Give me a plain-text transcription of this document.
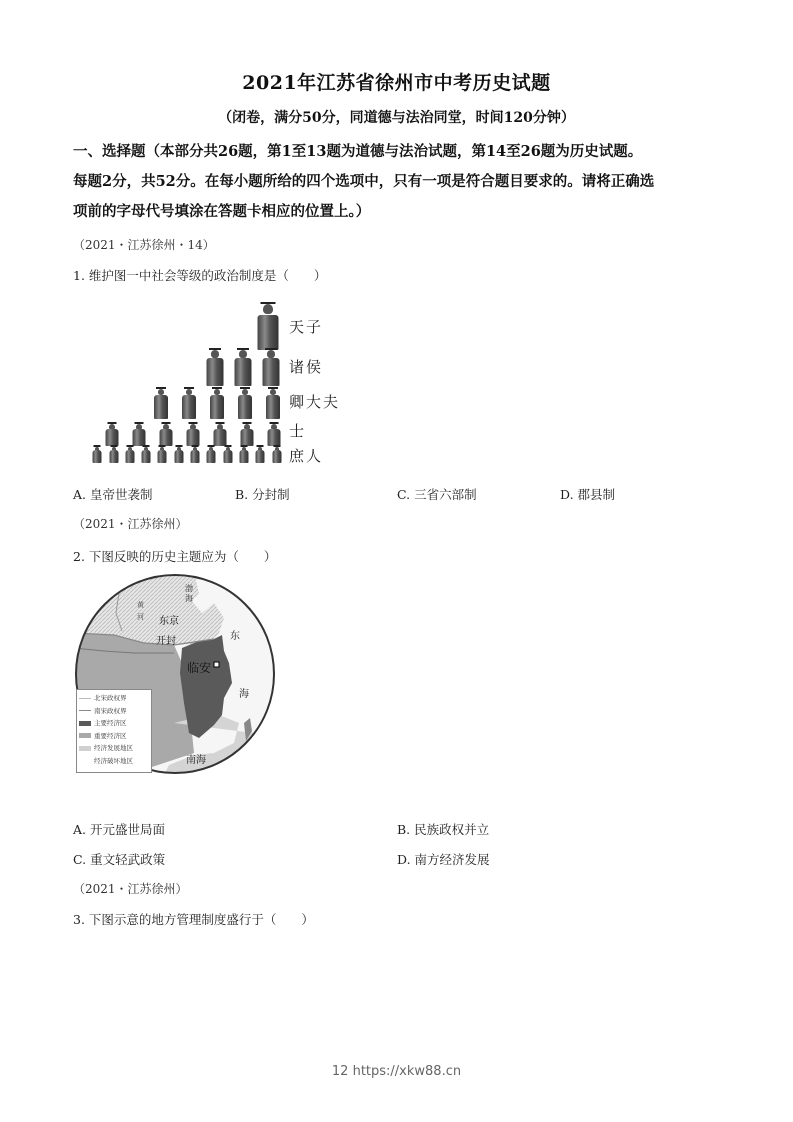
2021年江苏省徐州市中考历史试题
（闭卷，满分50分，同道德与法治同堂，时间120分钟）
一、选择题（本部分共26题，第1至13题为道德与法治试题，第14至26题为历史试题。
每题2分，共52分。在每小题所给的四个选项中，只有一项是符合题目要求的。请将正确选
项前的字母代号填涂在答题卡相应的位置上。）
（2021・江苏徐州・14）
1. 维护图一中社会等级的政治制度是（　　）
天子
诸侯
卿大夫
士
庶人
A. 皇帝世袭制	B. 分封制	C. 三省六部制	D. 郡县制
（2021・江苏徐州）
2. 下图反映的历史主题应为（　　）
渤
海
黄
河 东京
开封
临安
东
海
南海
北宋政权界
南宋政权界
主要经济区
重要经济区
经济发展地区
经济破坏地区
A. 开元盛世局面	B. 民族政权并立
C. 重文轻武政策	D. 南方经济发展
（2021・江苏徐州）
3. 下图示意的地方管理制度盛行于（　　）
12 https://xkw88.cn
